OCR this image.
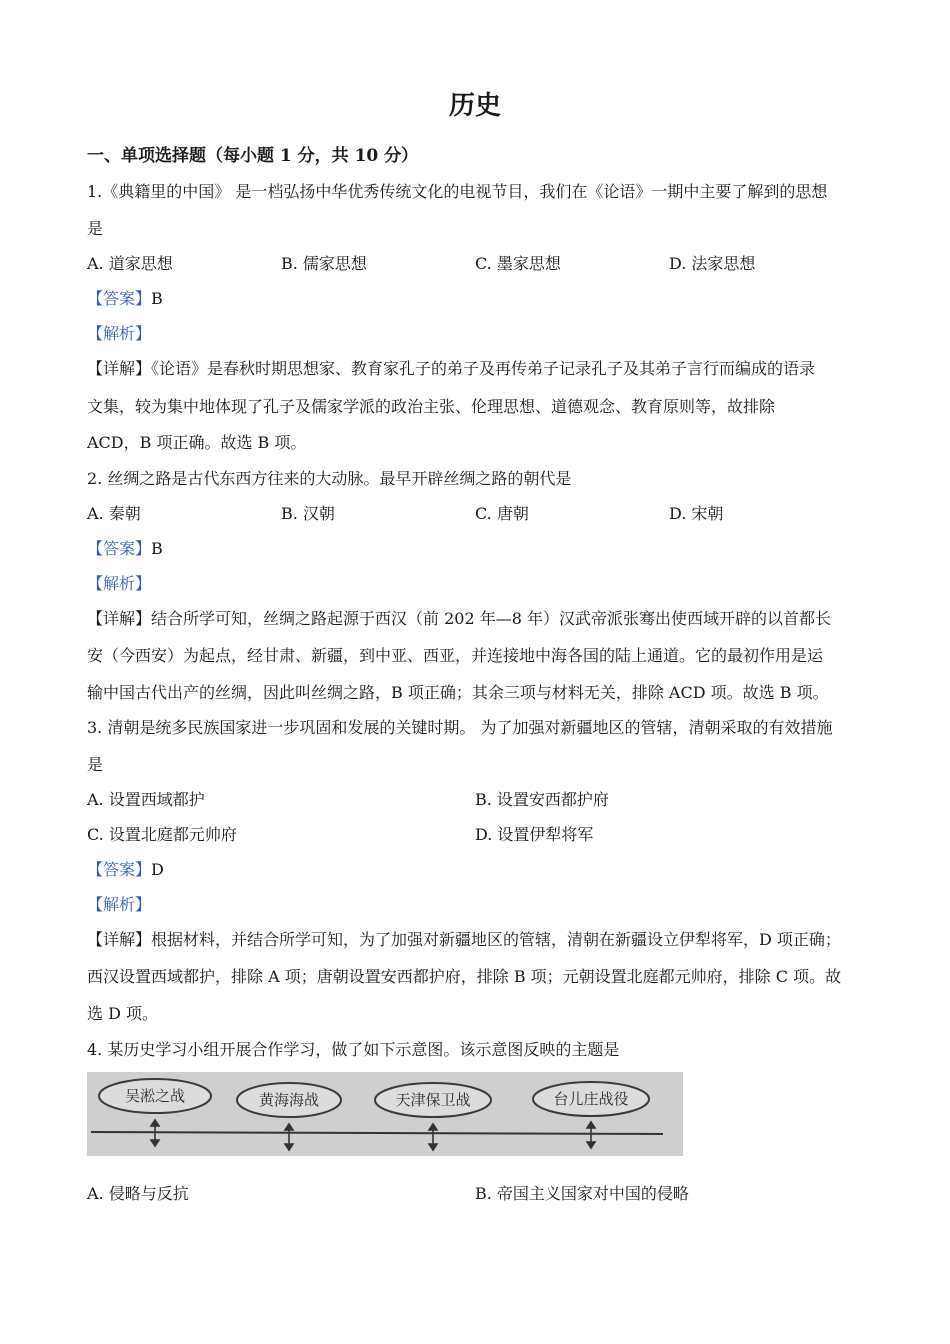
历史
一、单项选择题（每小题 1 分，共 10 分）
1.《典籍里的中国》 是一档弘扬中华优秀传统文化的电视节目，我们在《论语》一期中主要了解到的思想
是
A. 道家思想	B. 儒家思想	C. 墨家思想	D. 法家思想
【答案】B
【解析】
【详解】《论语》是春秋时期思想家、教育家孔子的弟子及再传弟子记录孔子及其弟子言行而编成的语录
文集，较为集中地体现了孔子及儒家学派的政治主张、伦理思想、道德观念、教育原则等，故排除
ACD，B 项正确。故选 B 项。
2. 丝绸之路是古代东西方往来的大动脉。最早开辟丝绸之路的朝代是
A. 秦朝	B. 汉朝	C. 唐朝	D. 宋朝
【答案】B
【解析】
【详解】结合所学可知，丝绸之路起源于西汉（前 202 年—8 年）汉武帝派张骞出使西域开辟的以首都长
安（今西安）为起点，经甘肃、新疆，到中亚、西亚，并连接地中海各国的陆上通道。它的最初作用是运
输中国古代出产的丝绸，因此叫丝绸之路，B 项正确；其余三项与材料无关，排除 ACD 项。故选 B 项。
3. 清朝是统多民族国家进一步巩固和发展的关键时期。 为了加强对新疆地区的管辖，清朝采取的有效措施
是
A. 设置西域都护	B. 设置安西都护府
C. 设置北庭都元帅府	D. 设置伊犁将军
【答案】D
【解析】
【详解】根据材料，并结合所学可知，为了加强对新疆地区的管辖，清朝在新疆设立伊犁将军，D 项正确；
西汉设置西域都护，排除 A 项；唐朝设置安西都护府，排除 B 项；元朝设置北庭都元帅府，排除 C 项。故
选 D 项。
4. 某历史学习小组开展合作学习，做了如下示意图。该示意图反映的主题是
吴淞之战	黄海海战	天津保卫战	台儿庄战役
A. 侵略与反抗	B. 帝国主义国家对中国的侵略
